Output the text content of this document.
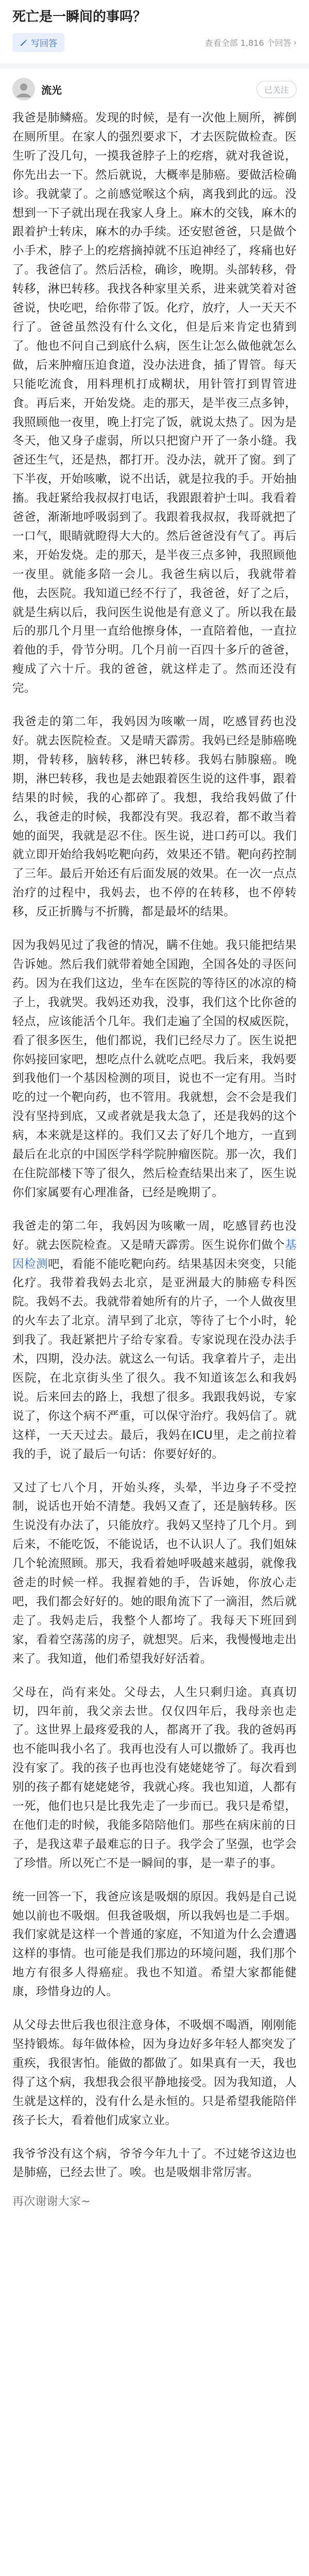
死亡是一瞬间的事吗？
写回答	查看全部 1,816 个回答 ›
流光	已关注

我爸是肺鳞癌。发现的时候，是有一次他上厕所，裤倒在厕所里。在家人的强烈要求下，才去医院做检查。医生听了没几句，一摸我爸脖子上的疙瘩，就对我爸说，你先出去一下。然后就说，大概率是肺癌。要做活检确诊。我就蒙了。之前感觉喉这个病，离我到此的远。没想到一下子就出现在我家人身上。麻木的交钱，麻木的跟着护士转床，麻木的办手续。还安慰爸爸，只是做个小手术，脖子上的疙瘩摘掉就不压迫神经了，疼痛也好了。我爸信了。然后活检，确诊，晚期。头部转移，骨转移，淋巴转移。我找各种家里关系，进来就笑着对爸爸说，快吃吧，给你带了饭。化疗，放疗，人一天天不行了。爸爸虽然没有什么文化，但是后来肯定也猜到了。他也不问自己到底什么病，医生让怎么做他就怎么做，后来肿瘤压迫食道，没办法进食，插了胃管。每天只能吃流食，用料理机打成糊状，用针管打到胃管进食。再后来，开始发烧。走的那天，是半夜三点多钟，我照顾他一夜里，晚上打完了饭，就说太热了。因为是冬天，他又身子虚弱，所以只把窗户开了一条小缝。我爸还生气，还是热，都打开。没办法，就开了窗。到了下半夜，开始咳嗽，说不出话，就是拉我的手。开始抽搐。我赶紧给我叔叔打电话，我跟跟着护士叫。我看着爸爸，渐渐地呼吸弱到了。我跟着我叔叔，我哥就把了一口气，眼睛就瞪得大大的。然后爸爸没有气了。再后来，开始发烧。走的那天，是半夜三点多钟，我照顾他一夜里。就能多陪一会儿。我爸生病以后，我就带着他，去医院。我知道已经不行了，我爸爸，好了之后，就是生病以后，我问医生说他是有意义了。所以我在最后的那几个月里一直给他擦身体，一直陪着他，一直拉着他的手，骨节分明。几个月前一百四十多斤的爸爸，瘦成了六十斤。我的爸爸，就这样走了。然而还没有完。

我爸走的第二年，我妈因为咳嗽一周，吃感冒药也没好。就去医院检查。又是晴天霹雳。我妈已经是肺癌晚期，骨转移，脑转移，淋巴转移。我妈右肺腺癌。晚期，淋巴转移，我也是去她跟着医生说的这件事，跟着结果的时候，我的心都碎了。我想，我给我妈做了什么，我爸走的时候，我都没有哭。我忍着，都不敢当着她的面哭，我就是忍不住。医生说，进口药可以。我们就立即开始给我妈吃靶向药，效果还不错。靶向药控制了三年。最后开始还有后面发展的效果。在一次一点点治疗的过程中，我妈去，也不停的在转移，也不停转移，反正折腾与不折腾，都是最坏的结果。

因为我妈见过了我爸的情况，瞒不住她。我只能把结果告诉她。然后我们就带着她全国跑，全国各处的寻医问药。因为在我们这边，坐车在医院的等待区的冰凉的椅子上，我就哭。我妈还劝我，没事，我们这个比你爸的轻点，应该能活个几年。我们走遍了全国的权威医院，看了很多医生，他们都说，我们已经尽力了。医生说把你妈接回家吧，想吃点什么就吃点吧。我后来，我妈要到我他们一个基因检测的项目，说也不一定有用。当时吃的过一个靶向药，也不管用。我就想，会不会是我们没有坚持到底，又或者就是我太急了，还是我妈的这个病，本来就是这样的。我们又去了好几个地方，一直到最后在北京的中国医学科学院肿瘤医院。那一次，我们在住院部楼下等了很久，然后检查结果出来了，医生说你们家属要有心理准备，已经是晚期了。

我爸走的第二年，我妈因为咳嗽一周，吃感冒药也没好。就去医院检查。又是晴天霹雳。医生说你们做个基因检测吧，看能不能吃靶向药。结果基因未突变，只能化疗。我带着我妈去北京，是亚洲最大的肺癌专科医院。我妈不去。我就带着她所有的片子，一个人做夜里的火车去了北京。清早到了北京，等待了七个小时，轮到我了。我赶紧把片子给专家看。专家说现在没办法手术，四期，没办法。就这么一句话。我拿着片子，走出医院，在北京街头坐了很久。我不知道该怎么和我妈说。后来回去的路上，我想了很多。我跟我妈说，专家说了，你这个病不严重，可以保守治疗。我妈信了。就这样，一天天过去。最后，我妈在ICU里，走之前拉着我的手，说了最后一句话：你要好好的。

又过了七八个月，开始头疼，头晕，半边身子不受控制，说话也开始不清楚。我妈又查了，还是脑转移。医生说没有办法了，只能放疗。我妈又坚持了几个月。到后来，不能吃饭，不能说话，也不认识人了。我们姐妹几个轮流照顾。那天，我看着她呼吸越来越弱，就像我爸走的时候一样。我握着她的手，告诉她，你放心走吧，我们都会好好的。她的眼角流下了一滴泪，然后就走了。我妈走后，我整个人都垮了。我每天下班回到家，看着空荡荡的房子，就想哭。后来，我慢慢地走出来了。我知道，他们希望我好好活着。

父母在，尚有来处。父母去，人生只剩归途。真真切切，四年前，我父亲去世。仅仅四年后，我母亲也走了。这世界上最疼爱我的人，都离开了我。我的爸妈再也不能叫我小名了。我再也没有人可以撒娇了。我再也没有家了。我的孩子也再也没有姥姥姥爷了。每次看到别的孩子都有姥姥姥爷，我就心疼。我也知道，人都有一死，他们也只是比我先走了一步而已。我只是希望，在他们走的时候，我能多陪陪他们。那些在病床前的日子，是我这辈子最难忘的日子。我学会了坚强，也学会了珍惜。所以死亡不是一瞬间的事，是一辈子的事。

统一回答一下，我爸应该是吸烟的原因。我妈是自己说她以前也不吸烟。但我爸吸烟，所以我妈也是二手烟。我们家就是这样一个普通的家庭，不知道为什么会遭遇这样的事情。也可能是我们那边的环境问题，我们那个地方有很多人得癌症。我也不知道。希望大家都能健康，珍惜身边的人。

从父母去世后我也很注意身体，不吸烟不喝酒，刚刚能坚持锻炼。每年做体检，因为身边好多年轻人都突发了重疾，我很害怕。能做的都做了。如果真有一天，我也得了这个病，我想我会很平静地接受。因为我知道，人生就是这样的，没有什么是永恒的。只是希望我能陪伴孩子长大，看着他们成家立业。

我爷爷没有这个病，爷爷今年九十了。不过姥爷这边也是肺癌，已经去世了。唉。也是吸烟非常厉害。

再次谢谢大家~
